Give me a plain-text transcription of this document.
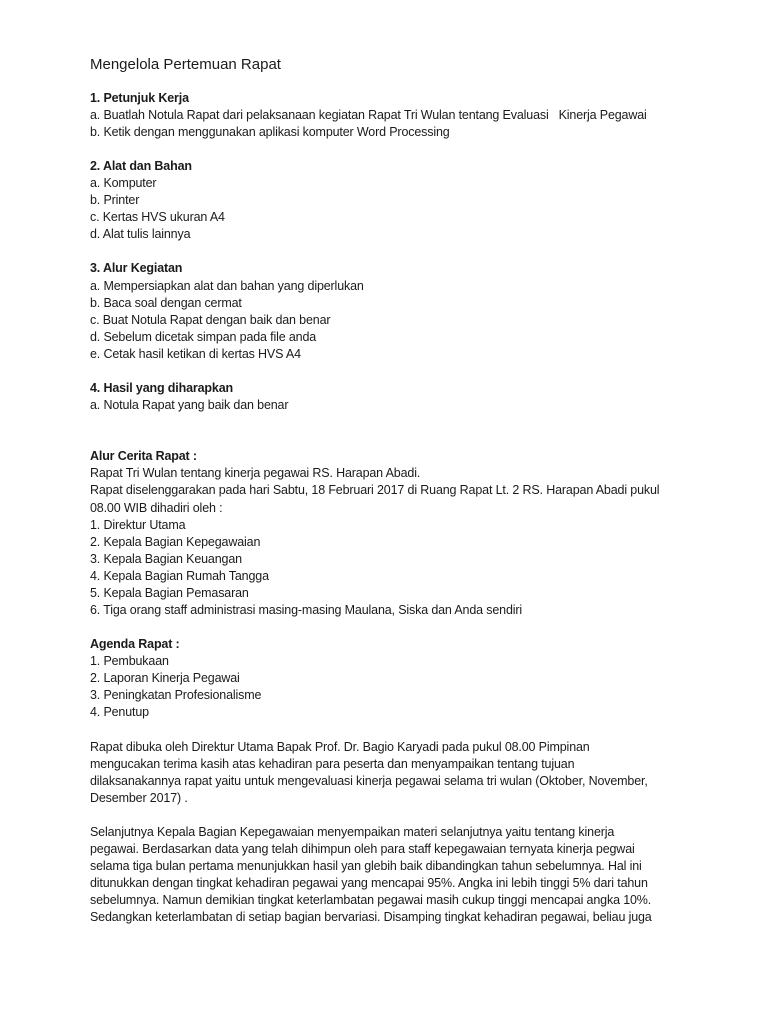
Mengelola Pertemuan Rapat
1. Petunjuk Kerja
a. Buatlah Notula Rapat dari pelaksanaan kegiatan Rapat Tri Wulan tentang Evaluasi   Kinerja Pegawai
b. Ketik dengan menggunakan aplikasi komputer Word Processing
2. Alat dan Bahan
a. Komputer
b. Printer
c. Kertas HVS ukuran A4
d. Alat tulis lainnya
3. Alur Kegiatan
a. Mempersiapkan alat dan bahan yang diperlukan
b. Baca soal dengan cermat
c. Buat Notula Rapat dengan baik dan benar
d. Sebelum dicetak simpan pada file anda
e. Cetak hasil ketikan di kertas HVS A4
4. Hasil yang diharapkan
a. Notula Rapat yang baik dan benar
Alur Cerita Rapat :
Rapat Tri Wulan tentang kinerja pegawai RS. Harapan Abadi.
Rapat diselenggarakan pada hari Sabtu, 18 Februari 2017 di Ruang Rapat Lt. 2 RS. Harapan Abadi pukul
08.00 WIB dihadiri oleh :
1. Direktur Utama
2. Kepala Bagian Kepegawaian
3. Kepala Bagian Keuangan
4. Kepala Bagian Rumah Tangga
5. Kepala Bagian Pemasaran
6. Tiga orang staff administrasi masing-masing Maulana, Siska dan Anda sendiri
Agenda Rapat :
1. Pembukaan
2. Laporan Kinerja Pegawai
3. Peningkatan Profesionalisme
4. Penutup
Rapat dibuka oleh Direktur Utama Bapak Prof. Dr. Bagio Karyadi pada pukul 08.00 Pimpinan
mengucakan terima kasih atas kehadiran para peserta dan menyampaikan tentang tujuan
dilaksanakannya rapat yaitu untuk mengevaluasi kinerja pegawai selama tri wulan (Oktober, November,
Desember 2017) .
Selanjutnya Kepala Bagian Kepegawaian menyempaikan materi selanjutnya yaitu tentang kinerja
pegawai. Berdasarkan data yang telah dihimpun oleh para staff kepegawaian ternyata kinerja pegwai
selama tiga bulan pertama menunjukkan hasil yan glebih baik dibandingkan tahun sebelumnya. Hal ini
ditunukkan dengan tingkat kehadiran pegawai yang mencapai 95%. Angka ini lebih tinggi 5% dari tahun
sebelumnya. Namun demikian tingkat keterlambatan pegawai masih cukup tinggi mencapai angka 10%.
Sedangkan keterlambatan di setiap bagian bervariasi. Disamping tingkat kehadiran pegawai, beliau juga
